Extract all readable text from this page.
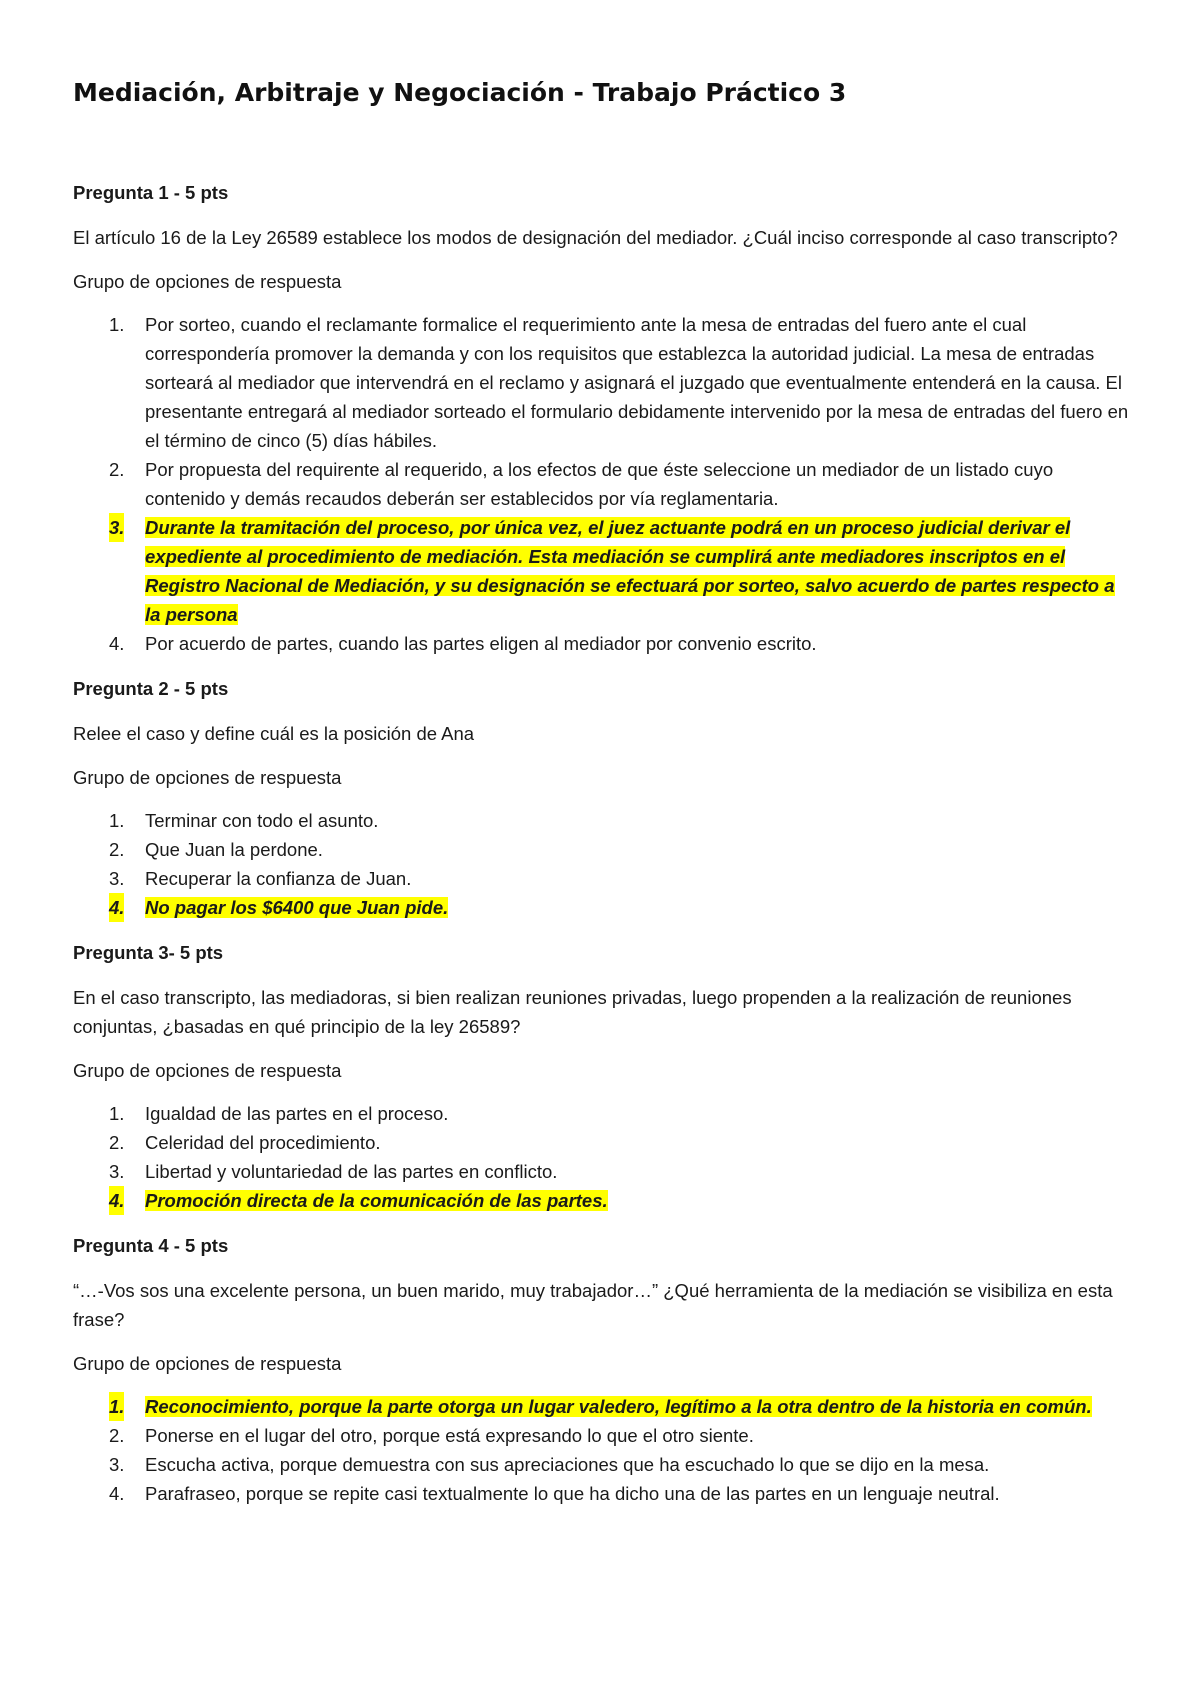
Mediación, Arbitraje y Negociación - Trabajo Práctico 3

Pregunta 1 - 5 pts

El artículo 16 de la Ley 26589 establece los modos de designación del mediador. ¿Cuál inciso corresponde al caso transcripto?

Grupo de opciones de respuesta

1. Por sorteo, cuando el reclamante formalice el requerimiento ante la mesa de entradas del fuero ante el cual correspondería promover la demanda y con los requisitos que establezca la autoridad judicial. La mesa de entradas sorteará al mediador que intervendrá en el reclamo y asignará el juzgado que eventualmente entenderá en la causa. El presentante entregará al mediador sorteado el formulario debidamente intervenido por la mesa de entradas del fuero en el término de cinco (5) días hábiles.
2. Por propuesta del requirente al requerido, a los efectos de que éste seleccione un mediador de un listado cuyo contenido y demás recaudos deberán ser establecidos por vía reglamentaria.
3. Durante la tramitación del proceso, por única vez, el juez actuante podrá en un proceso judicial derivar el expediente al procedimiento de mediación. Esta mediación se cumplirá ante mediadores inscriptos en el Registro Nacional de Mediación, y su designación se efectuará por sorteo, salvo acuerdo de partes respecto a la persona
4. Por acuerdo de partes, cuando las partes eligen al mediador por convenio escrito.

Pregunta 2 - 5 pts

Relee el caso y define cuál es la posición de Ana

Grupo de opciones de respuesta

1. Terminar con todo el asunto.
2. Que Juan la perdone.
3. Recuperar la confianza de Juan.
4. No pagar los $6400 que Juan pide.

Pregunta 3- 5 pts

En el caso transcripto, las mediadoras, si bien realizan reuniones privadas, luego propenden a la realización de reuniones conjuntas, ¿basadas en qué principio de la ley 26589?

Grupo de opciones de respuesta

1. Igualdad de las partes en el proceso.
2. Celeridad del procedimiento.
3. Libertad y voluntariedad de las partes en conflicto.
4. Promoción directa de la comunicación de las partes.

Pregunta 4 - 5 pts

“…-Vos sos una excelente persona, un buen marido, muy trabajador…” ¿Qué herramienta de la mediación se visibiliza en esta frase?

Grupo de opciones de respuesta

1. Reconocimiento, porque la parte otorga un lugar valedero, legítimo a la otra dentro de la historia en común.
2. Ponerse en el lugar del otro, porque está expresando lo que el otro siente.
3. Escucha activa, porque demuestra con sus apreciaciones que ha escuchado lo que se dijo en la mesa.
4. Parafraseo, porque se repite casi textualmente lo que ha dicho una de las partes en un lenguaje neutral.
